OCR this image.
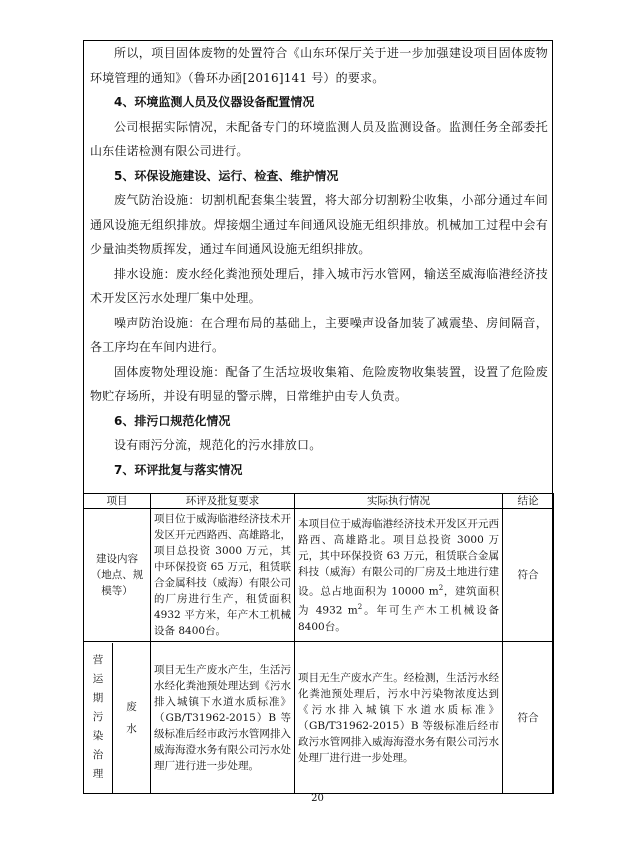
所以，项目固体废物的处置符合《山东环保厅关于进一步加强建设项目固体废物环境管理的通知》（鲁环办函[2016]141 号）的要求。

4、环境监测人员及仪器设备配置情况

公司根据实际情况，未配备专门的环境监测人员及监测设备。监测任务全部委托山东佳诺检测有限公司进行。

5、环保设施建设、运行、检查、维护情况

废气防治设施：切割机配套集尘装置，将大部分切割粉尘收集，小部分通过车间通风设施无组织排放。焊接烟尘通过车间通风设施无组织排放。机械加工过程中会有少量油类物质挥发，通过车间通风设施无组织排放。

排水设施：废水经化粪池预处理后，排入城市污水管网，输送至威海临港经济技术开发区污水处理厂集中处理。

噪声防治设施：在合理布局的基础上，主要噪声设备加装了减震垫、房间隔音，各工序均在车间内进行。

固体废物处理设施：配备了生活垃圾收集箱、危险废物收集装置，设置了危险废物贮存场所，并设有明显的警示牌，日常维护由专人负责。

6、排污口规范化情况

设有雨污分流，规范化的污水排放口。

7、环评批复与落实情况

项目	环评及批复要求	实际执行情况	结论
建设内容（地点、规模等）	项目位于威海临港经济技术开发区开元西路西、高雄路北，项目总投资 3000 万元，其中环保投资 65 万元，租赁联合金属科技（威海）有限公司的厂房进行生产，租赁面积 4932 平方米，年产木工机械设备 8400台。	本项目位于威海临港经济技术开发区开元西路西、高雄路北。项目总投资 3000 万元，其中环保投资 63 万元，租赁联合金属科技（威海）有限公司的厂房及土地进行建设。总占地面积为 10000 $m^2$，建筑面积为 4932 $m^2$。年可生产木工机械设备 8400台。	符合

营运期污染治理
废水	项目无生产废水产生，生活污水经化粪池预处理达到《污水排入城镇下水道水质标准》（GB/T31962-2015）B 等级标准后经市政污水管网排入威海海澄水务有限公司污水处理厂进行进一步处理。	项目无生产废水产生。经检测，生活污水经化粪池预处理后，污水中污染物浓度达到《污水排入城镇下水道水质标准》（GB/T31962-2015）B 等级标准后经市政污水管网排入威海海澄水务有限公司污水处理厂进行进一步处理。	符合
20
